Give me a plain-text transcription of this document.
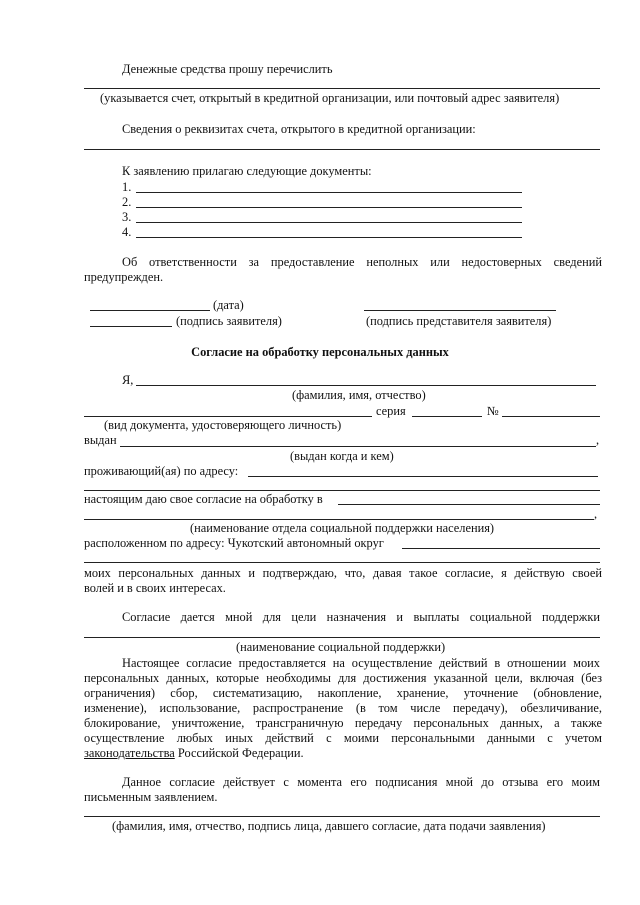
Денежные средства прошу перечислить
(указывается счет, открытый в кредитной организации, или почтовый адрес заявителя)
Сведения о реквизитах счета, открытого в кредитной организации:
К заявлению прилагаю следующие документы:
1.
2.
3.
4.
Об ответственности за предоставление неполных или недостоверных сведений
предупрежден.
(дата)
(подпись заявителя)	(подпись представителя заявителя)
Согласие на обработку персональных данных
Я,
(фамилия, имя, отчество)
серия	№
(вид документа, удостоверяющего личность)
выдан	,
(выдан когда и кем)
проживающий(ая) по адресу:
настоящим даю свое согласие на обработку в
,
(наименование отдела социальной поддержки населения)
расположенном по адресу: Чукотский автономный округ
моих персональных данных и подтверждаю, что, давая такое согласие, я действую своей
волей и в своих интересах.
Согласие дается мной для цели назначения и выплаты социальной поддержки
(наименование социальной поддержки)
Настоящее согласие предоставляется на осуществление действий в отношении моих
персональных данных, которые необходимы для достижения указанной цели, включая (без
ограничения) сбор, систематизацию, накопление, хранение, уточнение (обновление,
изменение), использование, распространение (в том числе передачу), обезличивание,
блокирование, уничтожение, трансграничную передачу персональных данных, а также
осуществление любых иных действий с моими персональными данными с учетом
законодательства Российской Федерации.
Данное согласие действует с момента его подписания мной до отзыва его моим
письменным заявлением.
(фамилия, имя, отчество, подпись лица, давшего согласие, дата подачи заявления)
